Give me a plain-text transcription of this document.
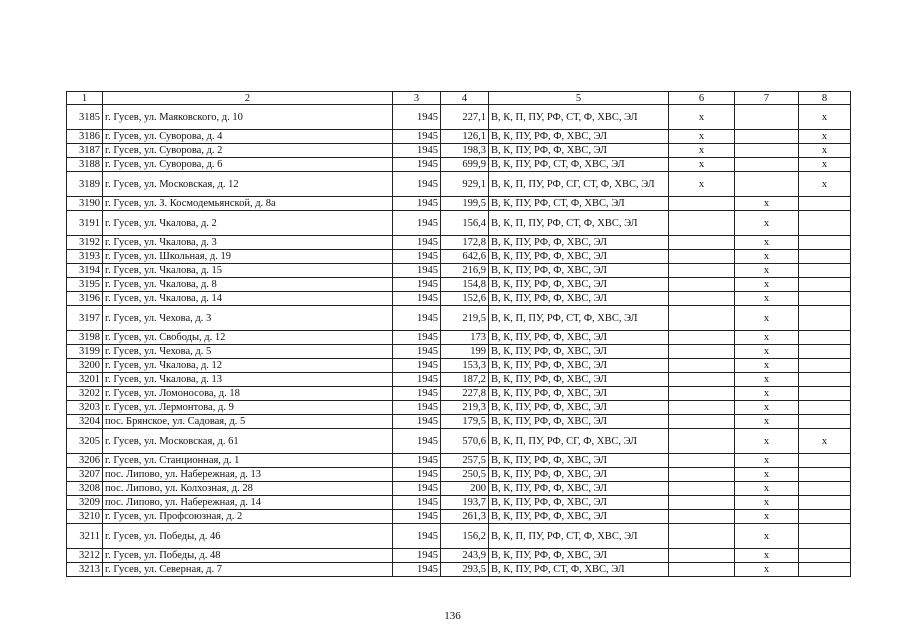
1	2	3	4	5	6	7	8
3185	г. Гусев, ул. Маяковского, д. 10	1945	227,1	В, К, П, ПУ, РФ, СТ, Ф, ХВС, ЭЛ	x		x
3186	г. Гусев, ул. Суворова, д. 4	1945	126,1	В, К, ПУ, РФ, Ф, ХВС, ЭЛ	x		x
3187	г. Гусев, ул. Суворова, д. 2	1945	198,3	В, К, ПУ, РФ, Ф, ХВС, ЭЛ	x		x
3188	г. Гусев, ул. Суворова, д. 6	1945	699,9	В, К, ПУ, РФ, СТ, Ф, ХВС, ЭЛ	x		x
3189	г. Гусев, ул. Московская, д. 12	1945	929,1	В, К, П, ПУ, РФ, СГ, СТ, Ф, ХВС, ЭЛ	x		x
3190	г. Гусев, ул. З. Космодемьянской, д. 8а	1945	199,5	В, К, ПУ, РФ, СТ, Ф, ХВС, ЭЛ		x	
3191	г. Гусев, ул. Чкалова, д. 2	1945	156,4	В, К, П, ПУ, РФ, СТ, Ф, ХВС, ЭЛ		x	
3192	г. Гусев, ул. Чкалова, д. 3	1945	172,8	В, К, ПУ, РФ, Ф, ХВС, ЭЛ		x	
3193	г. Гусев, ул. Школьная, д. 19	1945	642,6	В, К, ПУ, РФ, Ф, ХВС, ЭЛ		x	
3194	г. Гусев, ул. Чкалова, д. 15	1945	216,9	В, К, ПУ, РФ, Ф, ХВС, ЭЛ		x	
3195	г. Гусев, ул. Чкалова, д. 8	1945	154,8	В, К, ПУ, РФ, Ф, ХВС, ЭЛ		x	
3196	г. Гусев, ул. Чкалова, д. 14	1945	152,6	В, К, ПУ, РФ, Ф, ХВС, ЭЛ		x	
3197	г. Гусев, ул. Чехова, д. 3	1945	219,5	В, К, П, ПУ, РФ, СТ, Ф, ХВС, ЭЛ		x	
3198	г. Гусев, ул. Свободы, д. 12	1945	173	В, К, ПУ, РФ, Ф, ХВС, ЭЛ		x	
3199	г. Гусев, ул. Чехова, д. 5	1945	199	В, К, ПУ, РФ, Ф, ХВС, ЭЛ		x	
3200	г. Гусев, ул. Чкалова, д. 12	1945	153,3	В, К, ПУ, РФ, Ф, ХВС, ЭЛ		x	
3201	г. Гусев, ул. Чкалова, д. 13	1945	187,2	В, К, ПУ, РФ, Ф, ХВС, ЭЛ		x	
3202	г. Гусев, ул. Ломоносова, д. 18	1945	227,8	В, К, ПУ, РФ, Ф, ХВС, ЭЛ		x	
3203	г. Гусев, ул. Лермонтова, д. 9	1945	219,3	В, К, ПУ, РФ, Ф, ХВС, ЭЛ		x	
3204	пос. Брянское, ул. Садовая, д. 5	1945	179,5	В, К, ПУ, РФ, Ф, ХВС, ЭЛ		x	
3205	г. Гусев, ул. Московская, д. 61	1945	570,6	В, К, П, ПУ, РФ, СГ, Ф, ХВС, ЭЛ		x	x
3206	г. Гусев, ул. Станционная, д. 1	1945	257,5	В, К, ПУ, РФ, Ф, ХВС, ЭЛ		x	
3207	пос. Липово, ул. Набережная, д. 13	1945	250,5	В, К, ПУ, РФ, Ф, ХВС, ЭЛ		x	
3208	пос. Липово, ул. Колхозная, д. 28	1945	200	В, К, ПУ, РФ, Ф, ХВС, ЭЛ		x	
3209	пос. Липово, ул. Набережная, д. 14	1945	193,7	В, К, ПУ, РФ, Ф, ХВС, ЭЛ		x	
3210	г. Гусев, ул. Профсоюзная, д. 2	1945	261,3	В, К, ПУ, РФ, Ф, ХВС, ЭЛ		x	
3211	г. Гусев, ул. Победы, д. 46	1945	156,2	В, К, П, ПУ, РФ, СТ, Ф, ХВС, ЭЛ		x	
3212	г. Гусев, ул. Победы, д. 48	1945	243,9	В, К, ПУ, РФ, Ф, ХВС, ЭЛ		x	
3213	г. Гусев, ул. Северная, д. 7	1945	293,5	В, К, ПУ, РФ, СТ, Ф, ХВС, ЭЛ		x	
136
